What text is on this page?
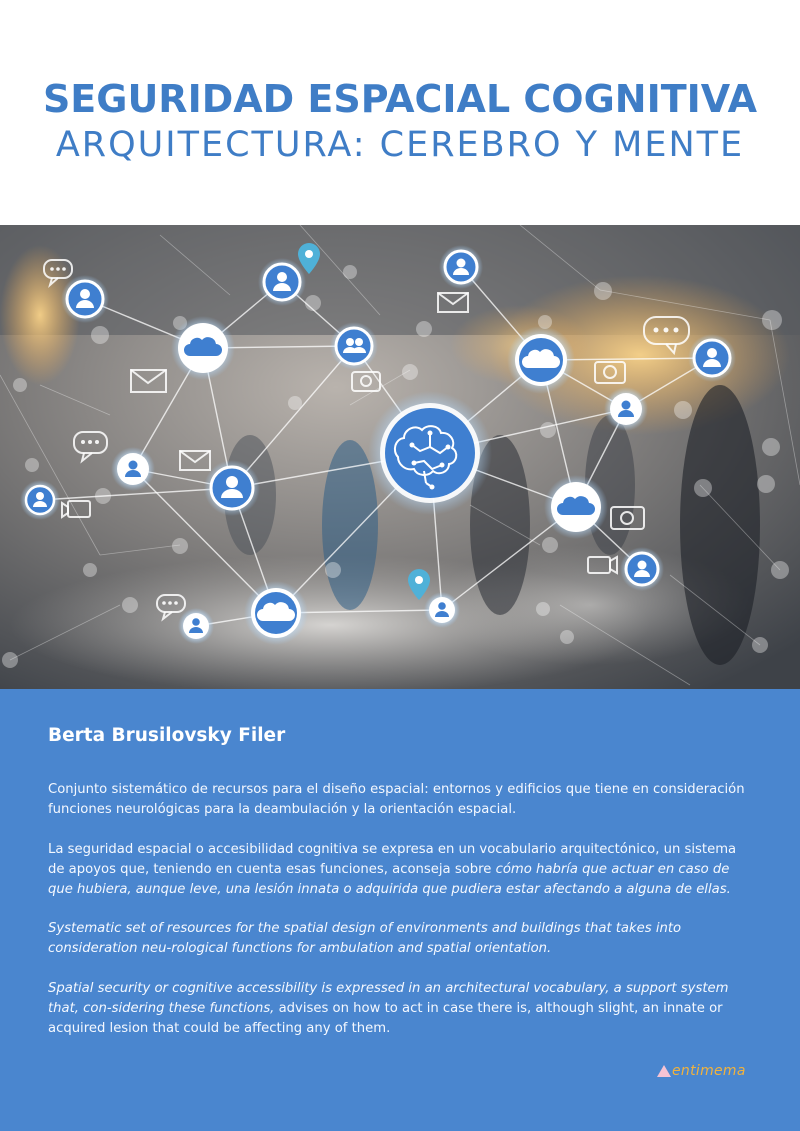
SEGURIDAD ESPACIAL COGNITIVA
ARQUITECTURA: CEREBRO Y MENTE
Berta Brusilovsky Filer

Conjunto sistemático de recursos para el diseño espacial: entornos y edificios que tiene en consideración funciones neurológicas para la deambulación y la orientación espacial.

La seguridad espacial o accesibilidad cognitiva se expresa en un vocabulario arquitectónico, un sistema de apoyos que, teniendo en cuenta esas funciones, aconseja sobre cómo habría que actuar en caso de que hubiera, aunque leve, una lesión innata o adquirida que pudiera estar afectando a alguna de ellas.

Systematic set of resources for the spatial design of environments and buildings that takes into consideration neu-rological functions for ambulation and spatial orientation.

Spatial security or cognitive accessibility is expressed in an architectural vocabulary, a support system that, con-sidering these functions, advises on how to act in case there is, although slight, an innate or acquired lesion that could be affecting any of them.

entimema
